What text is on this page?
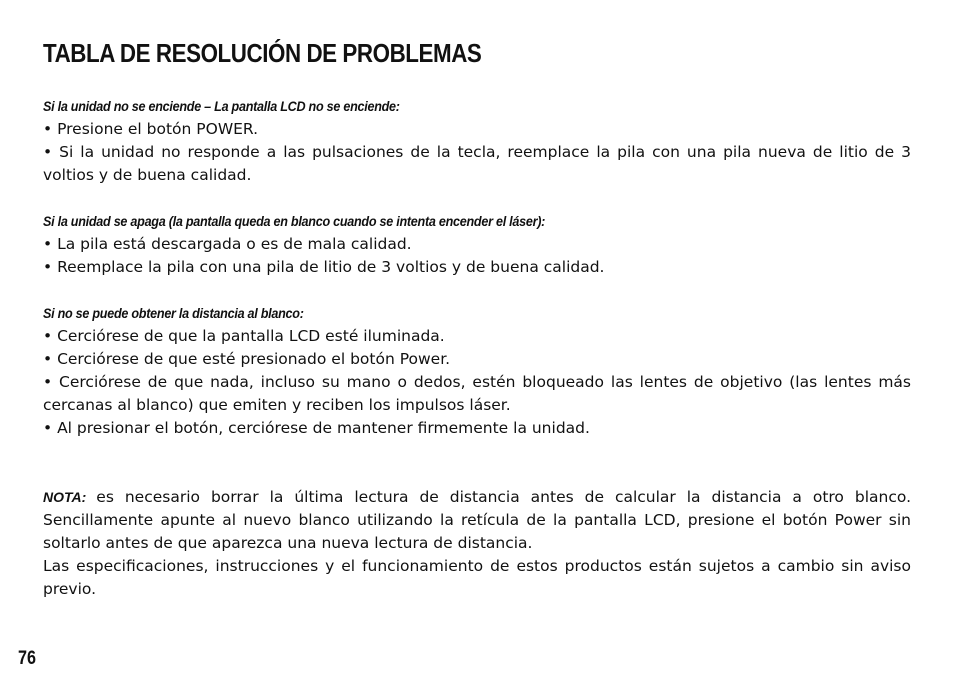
TABLA DE RESOLUCIÓN DE PROBLEMAS
Si la unidad no se enciende – La pantalla LCD no se enciende:

• Presione el botón POWER.

• Si la unidad no responde a las pulsaciones de la tecla, reemplace la pila con una pila nueva de litio de 3 voltios y de buena calidad.

Si la unidad se apaga (la pantalla queda en blanco cuando se intenta encender el láser):

• La pila está descargada o es de mala calidad.

• Reemplace la pila con una pila de litio de 3 voltios y de buena calidad.

Si no se puede obtener la distancia al blanco:

• Cerciórese de que la pantalla LCD esté iluminada.

• Cerciórese de que esté presionado el botón Power.

• Cerciórese de que nada, incluso su mano o dedos, estén bloqueado las lentes de objetivo (las lentes más cercanas al blanco) que emiten y reciben los impulsos láser.

• Al presionar el botón, cerciórese de mantener firmemente la unidad.

NOTA: es necesario borrar la última lectura de distancia antes de calcular la distancia a otro blanco. Sencillamente apunte al nuevo blanco utilizando la retícula de la pantalla LCD, presione el botón Power sin soltarlo antes de que aparezca una nueva lectura de distancia.

Las especificaciones, instrucciones y el funcionamiento de estos productos están sujetos a cambio sin aviso previo.

76
